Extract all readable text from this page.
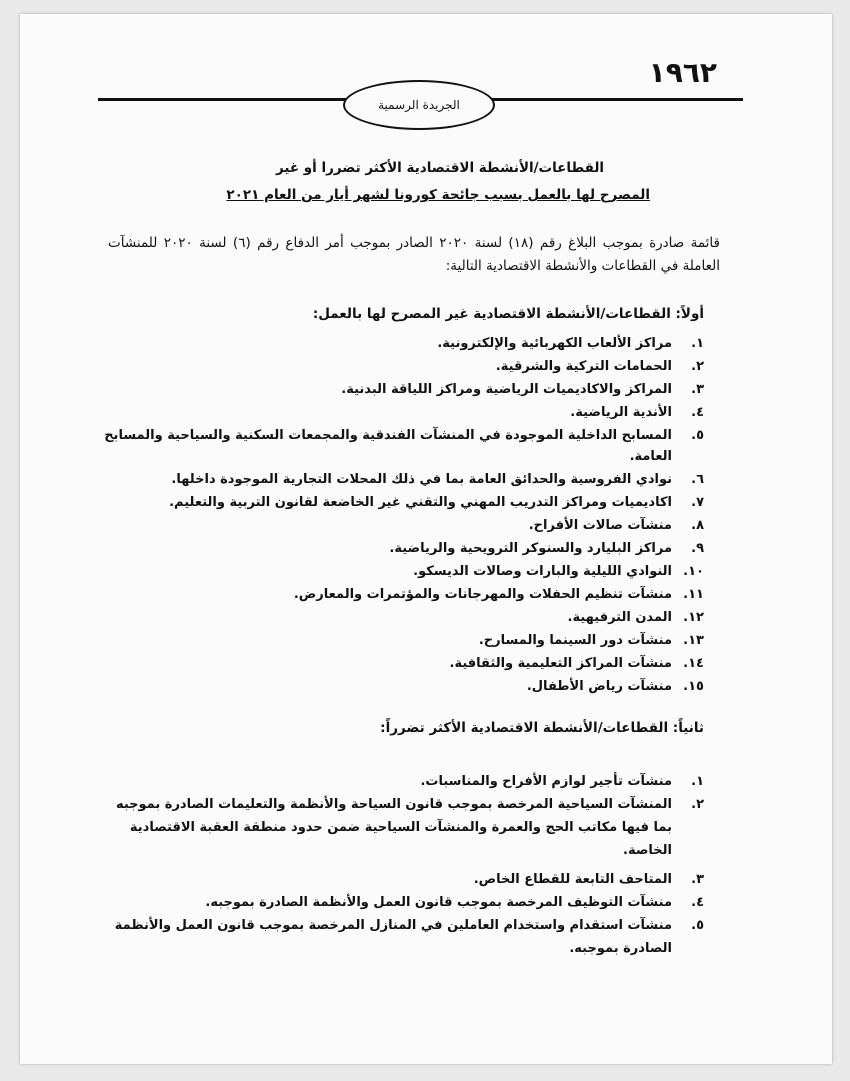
١٩٦٢
الجريدة الرسمية
القطاعات/الأنشطة الاقتصادية الأكثر تضررا أو غير
المصرح لها بالعمل بسبب جائحة كورونا لشهر أيار من العام ٢٠٢١
قائمة صادرة بموجب البلاغ رقم (١٨) لسنة ٢٠٢٠ الصادر بموجب أمر الدفاع رقم (٦) لسنة ٢٠٢٠ للمنشآت العاملة في القطاعات والأنشطة الاقتصادية التالية:
أولاً: القطاعات/الأنشطة الاقتصادية غير المصرح لها بالعمل:
١.
مراكز الألعاب الكهربائية والإلكترونية.
٢.
الحمامات التركية والشرقية.
٣.
المراكز والاكاديميات الرياضية ومراكز اللياقة البدنية.
٤.
الأندية الرياضية.
٥.
المسابح الداخلية الموجودة في المنشآت الفندقية والمجمعات السكنية والسياحية والمسابح العامة.
٦.
نوادي الفروسية والحدائق العامة بما في ذلك المحلات التجارية الموجودة داخلها.
٧.
اكاديميات ومراكز التدريب المهني والتقني غير الخاضعة لقانون التربية والتعليم.
٨.
منشآت صالات الأفراح.
٩.
مراكز البليارد والسنوكر الترويحية والرياضية.
١٠.
النوادي الليلية والبارات وصالات الديسكو.
١١.
منشآت تنظيم الحفلات والمهرجانات والمؤتمرات والمعارض.
١٢.
المدن الترفيهية.
١٣.
منشآت دور السينما والمسارح.
١٤.
منشآت المراكز التعليمية والثقافية.
١٥.
منشآت رياض الأطفال.
ثانياً: القطاعات/الأنشطة الاقتصادية الأكثر تضرراً:
١.
منشآت تأجير لوازم الأفراح والمناسبات.
٢.
المنشآت السياحية المرخصة بموجب قانون السياحة والأنظمة والتعليمات الصادرة بموجبه بما فيها مكاتب الحج والعمرة والمنشآت السياحية ضمن حدود منطقة العقبة الاقتصادية الخاصة.
٣.
المتاحف التابعة للقطاع الخاص.
٤.
منشآت التوظيف المرخصة بموجب قانون العمل والأنظمة الصادرة بموجبه.
٥.
منشآت استقدام واستخدام العاملين في المنازل المرخصة بموجب قانون العمل والأنظمة الصادرة بموجبه.
